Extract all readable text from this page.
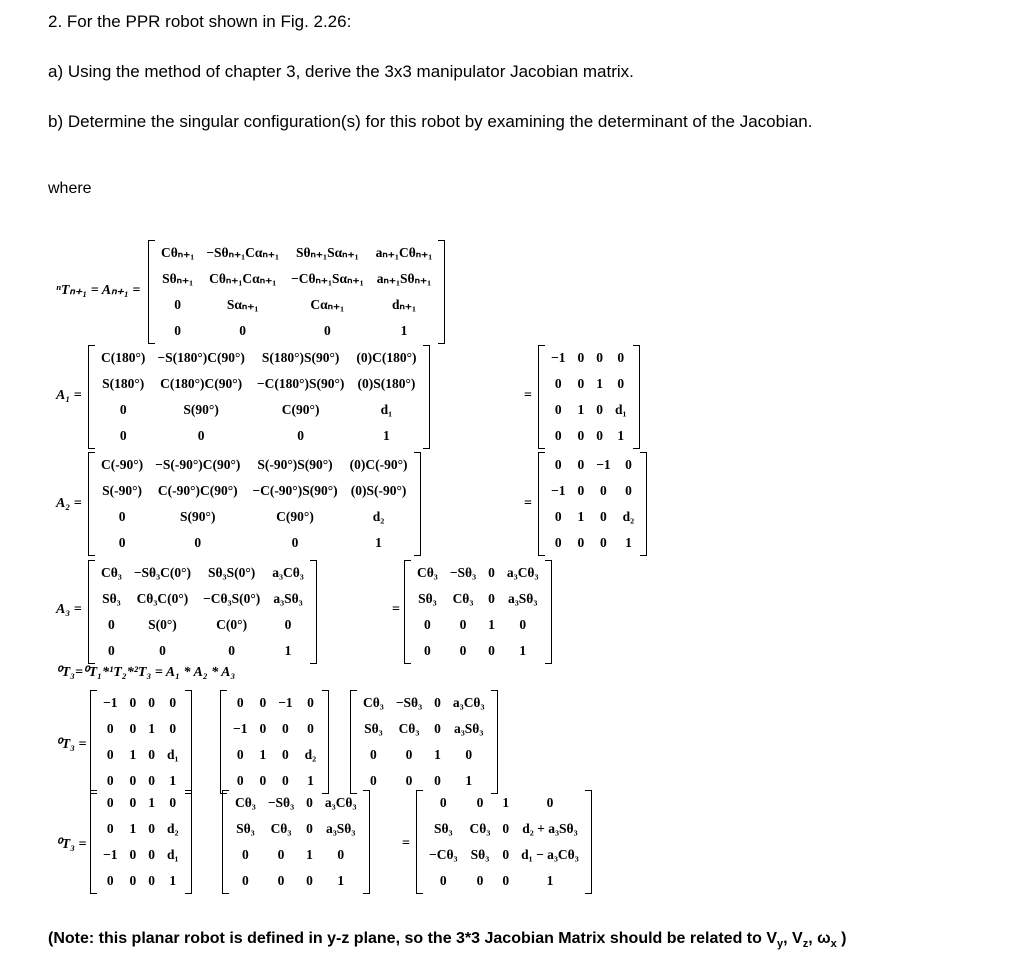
2. For the PPR robot shown in Fig. 2.26:
a) Using the method of chapter 3, derive the 3x3 manipulator Jacobian matrix.
b) Determine the singular configuration(s) for this robot by examining the determinant of the Jacobian.
where
ⁿTₙ₊₁ = Aₙ₊₁ =
Cθₙ₊₁	−Sθₙ₊₁Cαₙ₊₁	Sθₙ₊₁Sαₙ₊₁	aₙ₊₁Cθₙ₊₁
Sθₙ₊₁	Cθₙ₊₁Cαₙ₊₁	−Cθₙ₊₁Sαₙ₊₁	aₙ₊₁Sθₙ₊₁
0	Sαₙ₊₁	Cαₙ₊₁	dₙ₊₁
0	0	0	1
A₁ =
C(180°)	−S(180°)C(90°)	S(180°)S(90°)	(0)C(180°)
S(180°)	C(180°)C(90°)	−C(180°)S(90°)	(0)S(180°)
0	S(90°)	C(90°)	d₁
0	0	0	1
=
−1	0	0	0
0	0	1	0
0	1	0	d₁
0	0	0	1
A₂ =
C(-90°)	−S(-90°)C(90°)	S(-90°)S(90°)	(0)C(-90°)
S(-90°)	C(-90°)C(90°)	−C(-90°)S(90°)	(0)S(-90°)
0	S(90°)	C(90°)	d₂
0	0	0	1
=
0	0	−1	0
−1	0	0	0
0	1	0	d₂
0	0	0	1
A₃ =
Cθ₃	−Sθ₃C(0°)	Sθ₃S(0°)	a₃Cθ₃
Sθ₃	Cθ₃C(0°)	−Cθ₃S(0°)	a₃Sθ₃
0	S(0°)	C(0°)	0
0	0	0	1
=
Cθ₃	−Sθ₃	0	a₃Cθ₃
Sθ₃	Cθ₃	0	a₃Sθ₃
0	0	1	0
0	0	0	1
⁰T₃=⁰T₁*¹T₂*²T₃ = A₁ * A₂ * A₃
⁰T₃ =
−1	0	0	0
0	0	1	0
0	1	0	d₁
0	0	0	1
0	0	−1	0
−1	0	0	0
0	1	0	d₂
0	0	0	1
Cθ₃	−Sθ₃	0	a₃Cθ₃
Sθ₃	Cθ₃	0	a₃Sθ₃
0	0	1	0
0	0	0	1
⁰T₃ =
0	0	1	0
0	1	0	d₂
−1	0	0	d₁
0	0	0	1
Cθ₃	−Sθ₃	0	a₃Cθ₃
Sθ₃	Cθ₃	0	a₃Sθ₃
0	0	1	0
0	0	0	1
=
0	0	1	0
Sθ₃	Cθ₃	0	d₂ + a₃Sθ₃
−Cθ₃	Sθ₃	0	d₁ − a₃Cθ₃
0	0	0	1
(Note: this planar robot is defined in y-z plane, so the 3*3 Jacobian Matrix should be related to $V_y$, $V_z$, $\omega_x$ )
